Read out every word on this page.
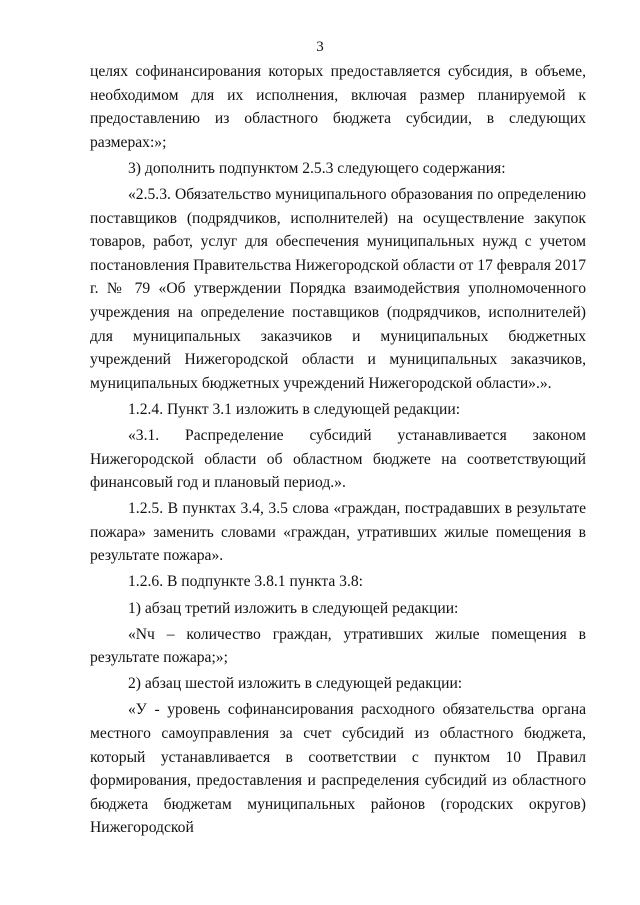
3

целях софинансирования которых предоставляется субсидия, в объеме, необходимом для их исполнения, включая размер планируемой к предоставлению из областного бюджета субсидии, в следующих размерах:»;

3) дополнить подпунктом 2.5.3 следующего содержания:

«2.5.3. Обязательство муниципального образования по определению поставщиков (подрядчиков, исполнителей) на осуществление закупок товаров, работ, услуг для обеспечения муниципальных нужд с учетом постановления Правительства Нижегородской области от 17 февраля 2017 г. № 79 «Об утверждении Порядка взаимодействия уполномоченного учреждения на определение поставщиков (подрядчиков, исполнителей) для муниципальных заказчиков и муниципальных бюджетных учреждений Нижегородской области и муниципальных заказчиков, муниципальных бюджетных учреждений Нижегородской области».».

1.2.4. Пункт 3.1 изложить в следующей редакции:

«3.1. Распределение субсидий устанавливается законом Нижегородской области об областном бюджете на соответствующий финансовый год и плановый период.».

1.2.5. В пунктах 3.4, 3.5 слова «граждан, пострадавших в результате пожара» заменить словами «граждан, утративших жилые помещения в результате пожара».

1.2.6. В подпункте 3.8.1 пункта 3.8:

1) абзац третий изложить в следующей редакции:

«Nч – количество граждан, утративших жилые помещения в результате пожара;»;

2) абзац шестой изложить в следующей редакции:

«У - уровень софинансирования расходного обязательства органа местного самоуправления за счет субсидий из областного бюджета, который устанавливается в соответствии с пунктом 10 Правил формирования, предоставления и распределения субсидий из областного бюджета бюджетам муниципальных районов (городских округов) Нижегородской
